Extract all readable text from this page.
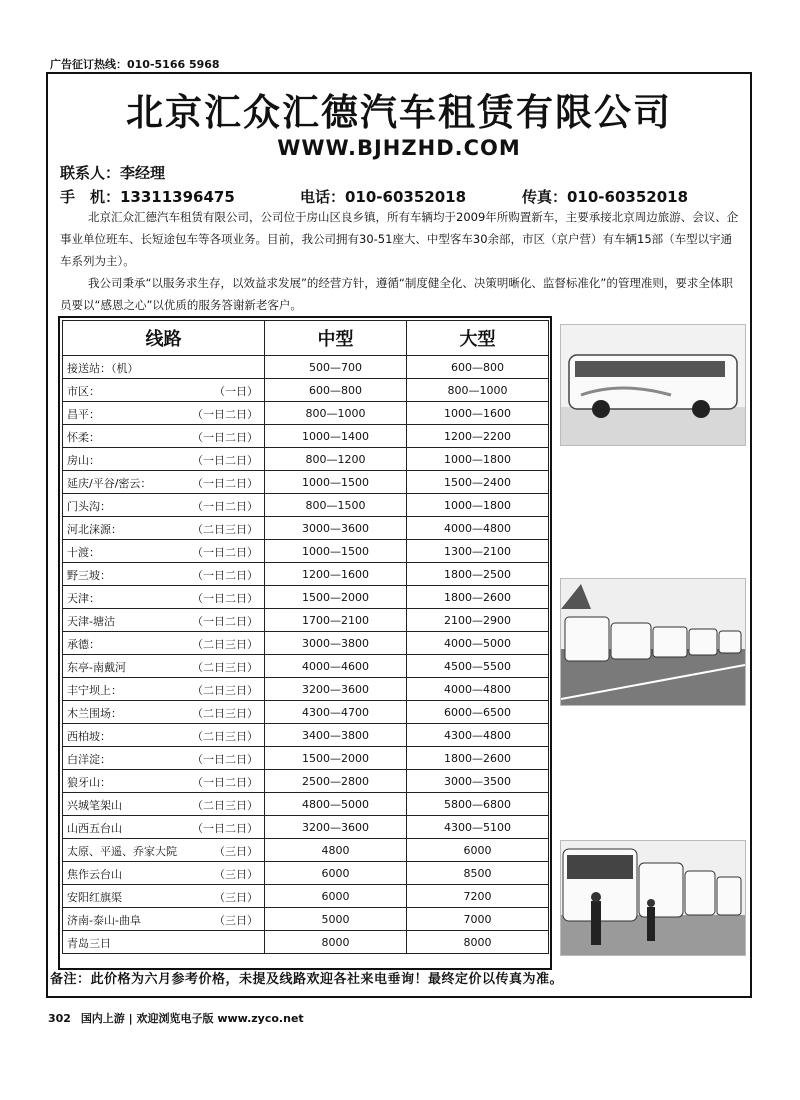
广告征订热线：010-5166 5968
北京汇众汇德汽车租赁有限公司
WWW.BJHZHD.COM
联系人：李经理
手　机：13311396475	电话：010-60352018	传真：010-60352018

北京汇众汇德汽车租赁有限公司，公司位于房山区良乡镇，所有车辆均于2009年所购置新车，主要承接北京周边旅游、会议、企事业单位班车、长短途包车等各项业务。目前，我公司拥有30-51座大、中型客车30余部，市区（京户营）有车辆15部（车型以宇通车系列为主）。

我公司秉承“以服务求生存，以效益求发展”的经营方针，遵循“制度健全化、决策明晰化、监督标准化”的管理准则，要求全体职员要以“感恩之心”以优质的服务答谢新老客户。

线路	中型	大型

接送站：（机）	500—700	600—800

市区： （一日）	600—800	800—1000

昌平： （一日二日）	800—1000	1000—1600

怀柔： （一日二日）	1000—1400	1200—2200

房山： （一日二日）	800—1200	1000—1800

延庆/平谷/密云： （一日二日）	1000—1500	1500—2400

门头沟： （一日二日）	800—1500	1000—1800

河北涞源： （二日三日）	3000—3600	4000—4800

十渡： （一日二日）	1000—1500	1300—2100

野三坡： （一日二日）	1200—1600	1800—2500

天津： （一日二日）	1500—2000	1800—2600

天津-塘沽 （一日二日）	1700—2100	2100—2900

承德： （二日三日）	3000—3800	4000—5000

东亭-南戴河 （二日三日）	4000—4600	4500—5500

丰宁坝上： （二日三日）	3200—3600	4000—4800

木兰围场： （二日三日）	4300—4700	6000—6500

西柏坡： （二日三日）	3400—3800	4300—4800

白洋淀： （一日二日）	1500—2000	1800—2600

狼牙山： （一日二日）	2500—2800	3000—3500

兴城笔架山 （二日三日）	4800—5000	5800—6800

山西五台山 （一日二日）	3200—3600	4300—5100

太原、平遥、乔家大院 （三日）	4800	6000

焦作云台山 （三日）	6000	8500

安阳红旗渠 （三日）	6000	7200

济南-泰山-曲阜 （三日）	5000	7000

青岛三日	8000	8000
备注：此价格为六月参考价格，未提及线路欢迎各社来电垂询！最终定价以传真为准。
302 国内上游 | 欢迎浏览电子版 www.zyco.net
